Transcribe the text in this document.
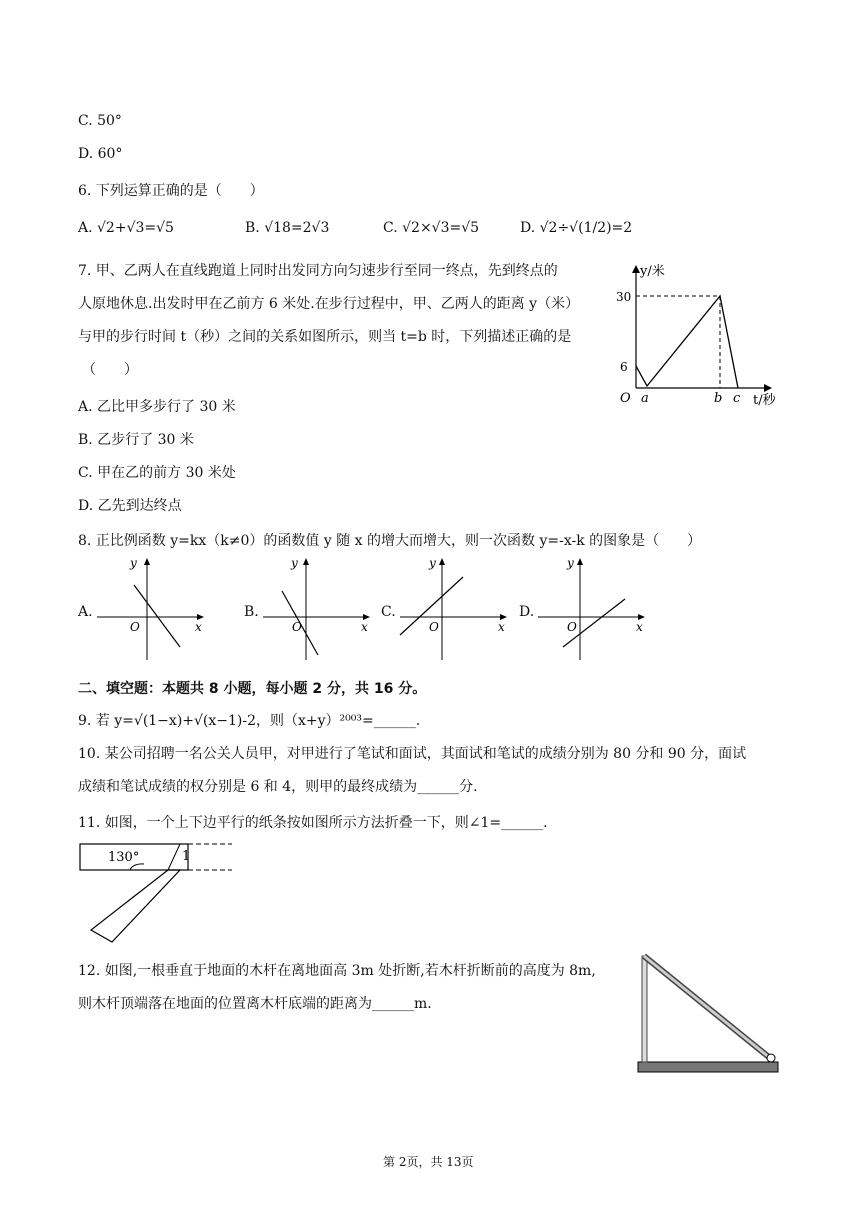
C. 50°
D. 60°
6. 下列运算正确的是（　　）
A. √2+√3=√5	B. √18=2√3	C. √2×√3=√5	D. √2÷√(1/2)=2
7. 甲、乙两人在直线跑道上同时出发同方向匀速步行至同一终点，先到终点的
人原地休息.出发时甲在乙前方 6 米处.在步行过程中，甲、乙两人的距离 y（米）
与甲的步行时间 t（秒）之间的关系如图所示，则当 t=b 时，下列描述正确的是
（　　）
A. 乙比甲多步行了 30 米
B. 乙步行了 30 米
C. 甲在乙的前方 30 米处
D. 乙先到达终点
y/米
30
6
O a	b c t/秒
8. 正比例函数 y=kx（k≠0）的函数值 y 随 x 的增大而增大，则一次函数 y=-x-k 的图象是（　　）
A.
y
x
O
B.
y
x
O
C.
y
x
O
D.
y
x
O
二、填空题：本题共 8 小题，每小题 2 分，共 16 分。
9. 若 y=√(1−x)+√(x−1)-2，则（x+y）²⁰⁰³=______.
10. 某公司招聘一名公关人员甲，对甲进行了笔试和面试，其面试和笔试的成绩分别为 80 分和 90 分，面试
成绩和笔试成绩的权分别是 6 和 4，则甲的最终成绩为______分.
11. 如图，一个上下边平行的纸条按如图所示方法折叠一下，则∠1=______.
130°	1
12. 如图,一根垂直于地面的木杆在离地面高 3m 处折断,若木杆折断前的高度为 8m,
则木杆顶端落在地面的位置离木杆底端的距离为______m.
第 2页，共 13页
